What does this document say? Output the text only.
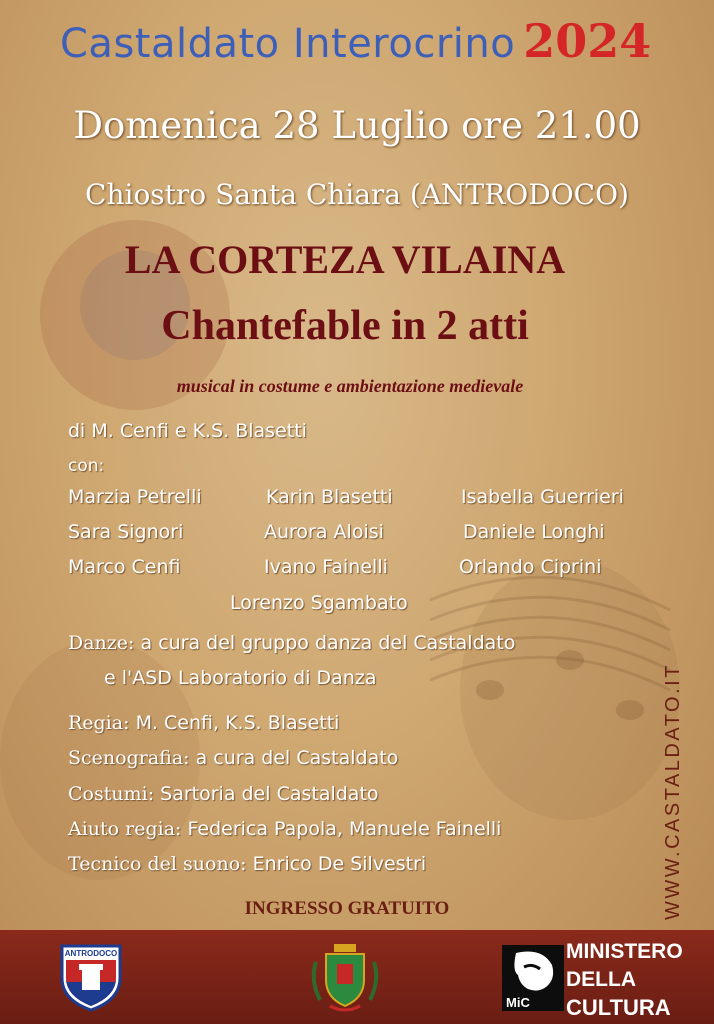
Castaldato Interocrino 2024
Domenica 28 Luglio ore 21.00
Chiostro Santa Chiara (ANTRODOCO)
LA CORTEZA VILAINA
Chantefable in 2 atti
musical in costume e ambientazione medievale
di M. Cenfi e K.S. Blasetti
con:
Marzia Petrelli	Karin Blasetti	Isabella Guerrieri
Sara Signori	Aurora Aloisi	Daniele Longhi
Marco Cenfi	Ivano Fainelli	Orlando Ciprini
Lorenzo Sgambato
Danze: a cura del gruppo danza del Castaldato
e l'ASD Laboratorio di Danza
Regia: M. Cenfi, K.S. Blasetti
Scenografia: a cura del Castaldato
Costumi: Sartoria del Castaldato
Aiuto regia: Federica Papola, Manuele Fainelli
Tecnico del suono: Enrico De Silvestri
INGRESSO GRATUITO	WWW.CASTALDATO.IT
ANTRODOCO
MiC
MINISTERO
DELLA
CULTURA
